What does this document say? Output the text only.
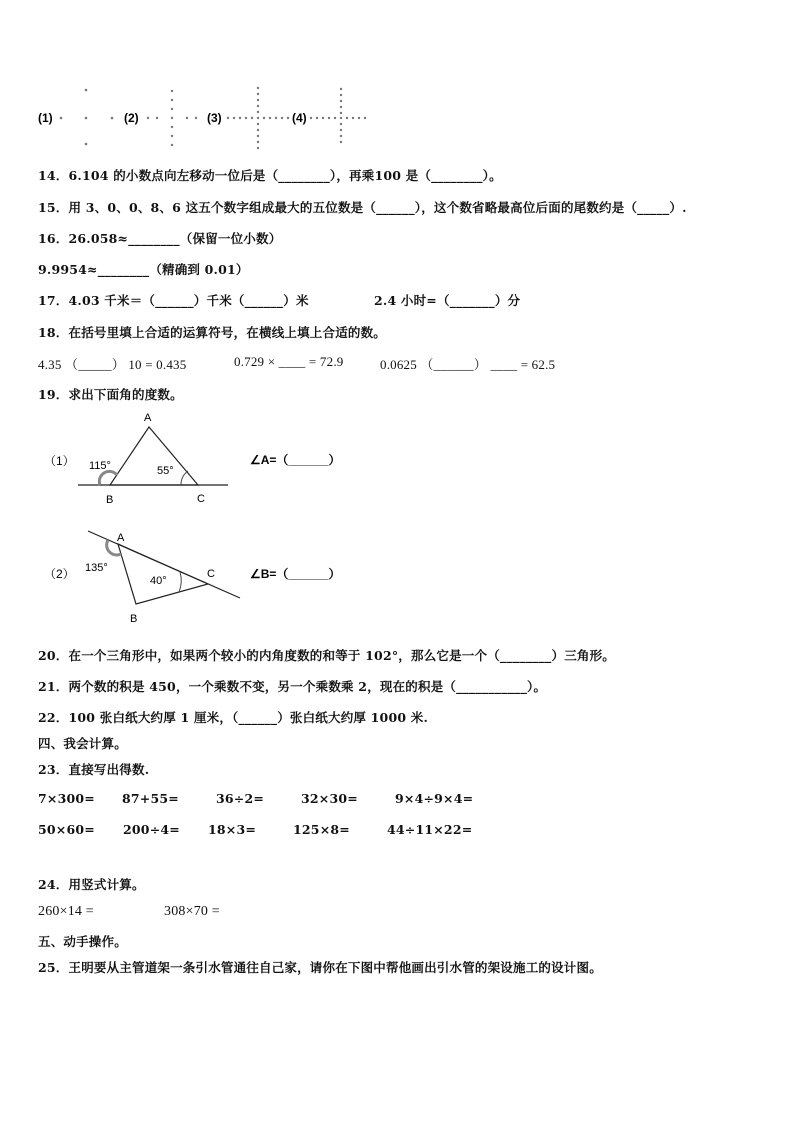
(1)	(2)	(3)	(4)
14．6.104 的小数点向左移动一位后是（________），再乘100 是（________）。
15．用 3、0、0、8、6 这五个数字组成最大的五位数是（______），这个数省略最高位后面的尾数约是（_____）.
16．26.058≈________（保留一位小数）
9.9954≈________（精确到 0.01）
17．4.03 千米＝（______）千米（______）米	2.4 小时=（_______）分
18．在括号里填上合适的运算符号，在横线上填上合适的数。
4.35 （_____） 10 = 0.435	0.729 × ____ = 72.9	0.0625 （______） ____ = 62.5
19．求出下面角的度数。
（1）
A
B	C
115°	55°
∠A=（______）
（2）
A
B
C
135°
40°	∠B=（______）
20．在一个三角形中，如果两个较小的内角度数的和等于 102°，那么它是一个（________）三角形。
21．两个数的积是 450，一个乘数不变，另一个乘数乘 2，现在的积是（___________）。
22．100 张白纸大约厚 1 厘米，（______）张白纸大约厚 1000 米.
四、我会计算。
23．直接写出得数.
7×300= 87+55=	36÷2=	32×30=	9×4÷9×4=
50×60= 200÷4= 18×3=	125×8=	44÷11×22=
24．用竖式计算。
260×14 =	308×70 =
五、动手操作。
25．王明要从主管道架一条引水管通往自己家，请你在下图中帮他画出引水管的架设施工的设计图。
